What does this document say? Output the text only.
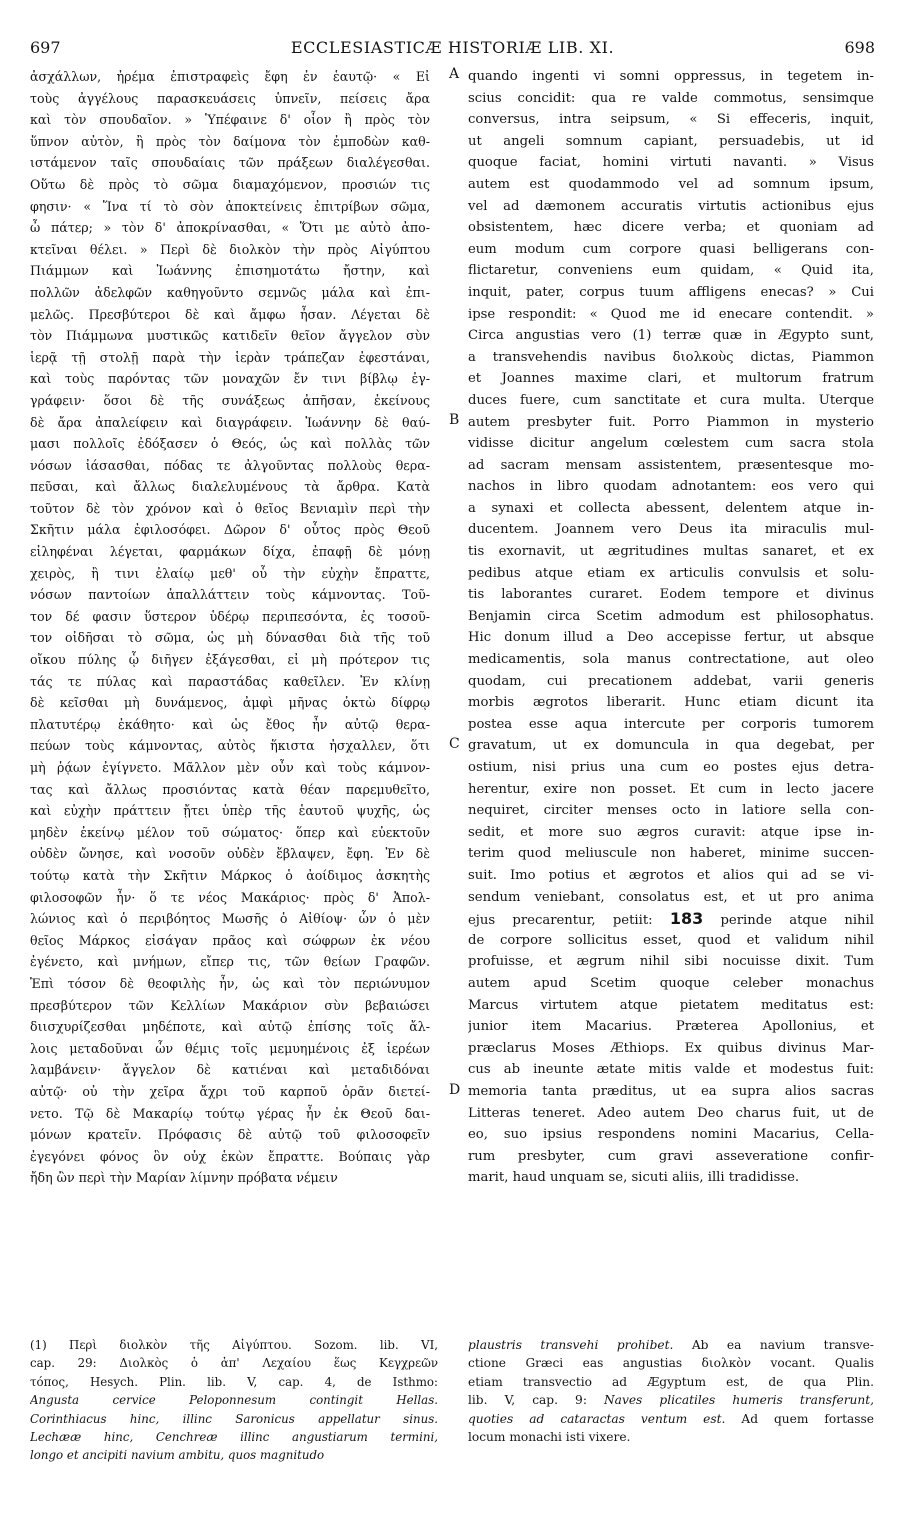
697	ECCLESIASTICÆ HISTORIÆ LIB. XI.	698
A
B
C
D
ἀσχάλλων, ἠρέμα ἐπιστραφεὶς ἔφη ἐν ἑαυτῷ· « Εἰ
τοὺς ἀγγέλους παρασκευάσεις ὑπνεῖν, πείσεις ἄρα
καὶ τὸν σπουδαῖον. » Ὑπέφαινε δ' οἷον ἢ πρὸς τὸν
ὕπνον αὐτὸν, ἢ πρὸς τὸν δαίμονα τὸν ἐμποδὼν καθ-
ιστάμενον ταῖς σπουδαίαις τῶν πράξεων διαλέγεσθαι.
Οὕτω δὲ πρὸς τὸ σῶμα διαμαχόμενον, προσιών τις
φησιν· « Ἵνα τί τὸ σὸν ἀποκτείνεις ἐπιτρίβων σῶμα,
ὦ πάτερ; » τὸν δ' ἀποκρίνασθαι, « Ὅτι με αὐτὸ ἀπο-
κτεῖναι θέλει. » Περὶ δὲ διολκὸν τὴν πρὸς Αἰγύπτου
Πιάμμων καὶ Ἰωάννης ἐπισημοτάτω ἤστην, καὶ
πολλῶν ἀδελφῶν καθηγοῦντο σεμνῶς μάλα καὶ ἐπι-
μελῶς. Πρεσβύτεροι δὲ καὶ ἄμφω ἦσαν. Λέγεται δὲ
τὸν Πιάμμωνα μυστικῶς κατιδεῖν θεῖον ἄγγελον σὺν
ἱερᾷ τῇ στολῇ παρὰ τὴν ἱερὰν τράπεζαν ἐφεστάναι,
καὶ τοὺς παρόντας τῶν μοναχῶν ἔν τινι βίβλῳ ἐγ-
γράφειν· ὅσοι δὲ τῆς συνάξεως ἀπῆσαν, ἐκείνους
δὲ ἄρα ἀπαλείφειν καὶ διαγράφειν. Ἰωάννην δὲ θαύ-
μασι πολλοῖς ἐδόξασεν ὁ Θεός, ὡς καὶ πολλὰς τῶν
νόσων ἰάσασθαι, πόδας τε ἀλγοῦντας πολλοὺς θερα-
πεῦσαι, καὶ ἄλλως διαλελυμένους τὰ ἄρθρα. Κατὰ
τοῦτον δὲ τὸν χρόνον καὶ ὁ θεῖος Βενιαμὶν περὶ τὴν
Σκῆτιν μάλα ἐφιλοσόφει. Δῶρον δ' οὗτος πρὸς Θεοῦ
εἰληφέναι λέγεται, φαρμάκων δίχα, ἐπαφῇ δὲ μόνῃ
χειρὸς, ἢ τινι ἐλαίῳ μεθ' οὗ τὴν εὐχὴν ἔπραττε,
νόσων παντοίων ἀπαλλάττειν τοὺς κάμνοντας. Τοῦ-
τον δέ φασιν ὕστερον ὑδέρῳ περιπεσόντα, ἐς τοσοῦ-
τον οἰδῆσαι τὸ σῶμα, ὡς μὴ δύνασθαι διὰ τῆς τοῦ
οἴκου πύλης ᾧ διῆγεν ἐξάγεσθαι, εἰ μὴ πρότερον τις
τάς τε πύλας καὶ παραστάδας καθεῖλεν. Ἐν κλίνῃ
δὲ κεῖσθαι μὴ δυνάμενος, ἀμφὶ μῆνας ὀκτὼ δίφρῳ
πλατυτέρῳ ἐκάθητο· καὶ ὡς ἔθος ἦν αὐτῷ θερα-
πεύων τοὺς κάμνοντας, αὐτὸς ἥκιστα ἠσχαλλεν, ὅτι
μὴ ῥᾴων ἐγίγνετο. Μᾶλλον μὲν οὖν καὶ τοὺς κάμνον-
τας καὶ ἄλλως προσιόντας κατὰ θέαν παρεμυθεῖτο,
καὶ εὐχὴν πράττειν ᾔτει ὑπὲρ τῆς ἑαυτοῦ ψυχῆς, ὡς
μηδὲν ἐκείνῳ μέλον τοῦ σώματος· ὅπερ καὶ εὐεκτοῦν
οὐδὲν ὤνησε, καὶ νοσοῦν οὐδὲν ἔβλαψεν, ἔφη. Ἐν δὲ
τούτῳ κατὰ τὴν Σκῆτιν Μάρκος ὁ ἀοίδιμος ἀσκητὴς
φιλοσοφῶν ἦν· ὅ τε νέος Μακάριος· πρὸς δ' Ἀπολ-
λώνιος καὶ ὁ περιβόητος Μωσῆς ὁ Αἰθίοψ· ὧν ὁ μὲν
θεῖος Μάρκος εἰσάγαν πρᾶος καὶ σώφρων ἐκ νέου
ἐγένετο, καὶ μνήμων, εἴπερ τις, τῶν θείων Γραφῶν.
Ἐπὶ τόσον δὲ θεοφιλὴς ἦν, ὡς καὶ τὸν περιώνυμον
πρεσβύτερον τῶν Κελλίων Μακάριον σὺν βεβαιώσει
διισχυρίζεσθαι μηδέποτε, καὶ αὐτῷ ἐπίσης τοῖς ἄλ-
λοις μεταδοῦναι ὧν θέμις τοῖς μεμυημένοις ἐξ ἱερέων
λαμβάνειν· ἄγγελον δὲ κατιέναι καὶ μεταδιδόναι
αὐτῷ· οὐ τὴν χεῖρα ἄχρι τοῦ καρποῦ ὁρᾶν διετεί-
νετο. Τῷ δὲ Μακαρίῳ τούτῳ γέρας ἦν ἐκ Θεοῦ δαι-
μόνων κρατεῖν. Πρόφασις δὲ αὐτῷ τοῦ φιλοσοφεῖν
ἐγεγόνει φόνος ὃν οὐχ ἑκὼν ἔπραττε. Βούπαις γὰρ
ἤδη ὢν περὶ τὴν Μαρίαν λίμνην πρόβατα νέμειν
quando ingenti vi somni oppressus, in tegetem in-
scius concidit: qua re valde commotus, sensimque
conversus, intra seipsum, « Si effeceris, inquit,
ut angeli somnum capiant, persuadebis, ut id
quoque faciat, homini virtuti navanti. » Visus
autem est quodammodo vel ad somnum ipsum,
vel ad dæmonem accuratis virtutis actionibus ejus
obsistentem, hæc dicere verba; et quoniam ad
eum modum cum corpore quasi belligerans con-
flictaretur, conveniens eum quidam, « Quid ita,
inquit, pater, corpus tuum affligens enecas? » Cui
ipse respondit: « Quod me id enecare contendit. »
Circa angustias vero (1) terræ quæ in Ægypto sunt,
a transvehendis navibus διολκοὺς dictas, Piammon
et Joannes maxime clari, et multorum fratrum
duces fuere, cum sanctitate et cura multa. Uterque
autem presbyter fuit. Porro Piammon in mysterio
vidisse dicitur angelum cœlestem cum sacra stola
ad sacram mensam assistentem, præsentesque mo-
nachos in libro quodam adnotantem: eos vero qui
a synaxi et collecta abessent, delentem atque in-
ducentem. Joannem vero Deus ita miraculis mul-
tis exornavit, ut ægritudines multas sanaret, et ex
pedibus atque etiam ex articulis convulsis et solu-
tis laborantes curaret. Eodem tempore et divinus
Benjamin circa Scetim admodum est philosophatus.
Hic donum illud a Deo accepisse fertur, ut absque
medicamentis, sola manus contrectatione, aut oleo
quodam, cui precationem addebat, varii generis
morbis ægrotos liberarit. Hunc etiam dicunt ita
postea esse aqua intercute per corporis tumorem
gravatum, ut ex domuncula in qua degebat, per
ostium, nisi prius una cum eo postes ejus detra-
herentur, exire non posset. Et cum in lecto jacere
nequiret, circiter menses octo in latiore sella con-
sedit, et more suo ægros curavit: atque ipse in-
terim quod meliuscule non haberet, minime succen-
suit. Imo potius et ægrotos et alios qui ad se vi-
sendum veniebant, consolatus est, et ut pro anima
ejus precarentur, petiit: 183 perinde atque nihil
de corpore sollicitus esset, quod et validum nihil
profuisse, et ægrum nihil sibi nocuisse dixit. Tum
autem apud Scetim quoque celeber monachus
Marcus virtutem atque pietatem meditatus est:
junior item Macarius. Præterea Apollonius, et
præclarus Moses Æthiops. Ex quibus divinus Mar-
cus ab ineunte ætate mitis valde et modestus fuit:
memoria tanta præditus, ut ea supra alios sacras
Litteras teneret. Adeo autem Deo charus fuit, ut de
eo, suo ipsius respondens nomini Macarius, Cella-
rum presbyter, cum gravi asseveratione confir-
marit, haud unquam se, sicuti aliis, illi tradidisse.
(1) Περὶ διολκὸν τῆς Αἰγύπτου. Sozom. lib. VI,
cap. 29: Διολκὸς ὁ ἀπ' Λεχαίου ἕως Κεγχρεῶν
τόπος, Hesych. Plin. lib. V, cap. 4, de Isthmo:
Angusta cervice Peloponnesum contingit Hellas.
Corinthiacus hinc, illinc Saronicus appellatur sinus.
Lechææ hinc, Cenchreæ illinc angustiarum termini,
longo et ancipiti navium ambitu, quos magnitudo
plaustris transvehi prohibet. Ab ea navium transve-
ctione Græci eas angustias διολκὸν vocant. Qualis
etiam transvectio ad Ægyptum est, de qua Plin.
lib. V, cap. 9: Naves plicatiles humeris transferunt,
quoties ad cataractas ventum est. Ad quem fortasse
locum monachi isti vixere.
